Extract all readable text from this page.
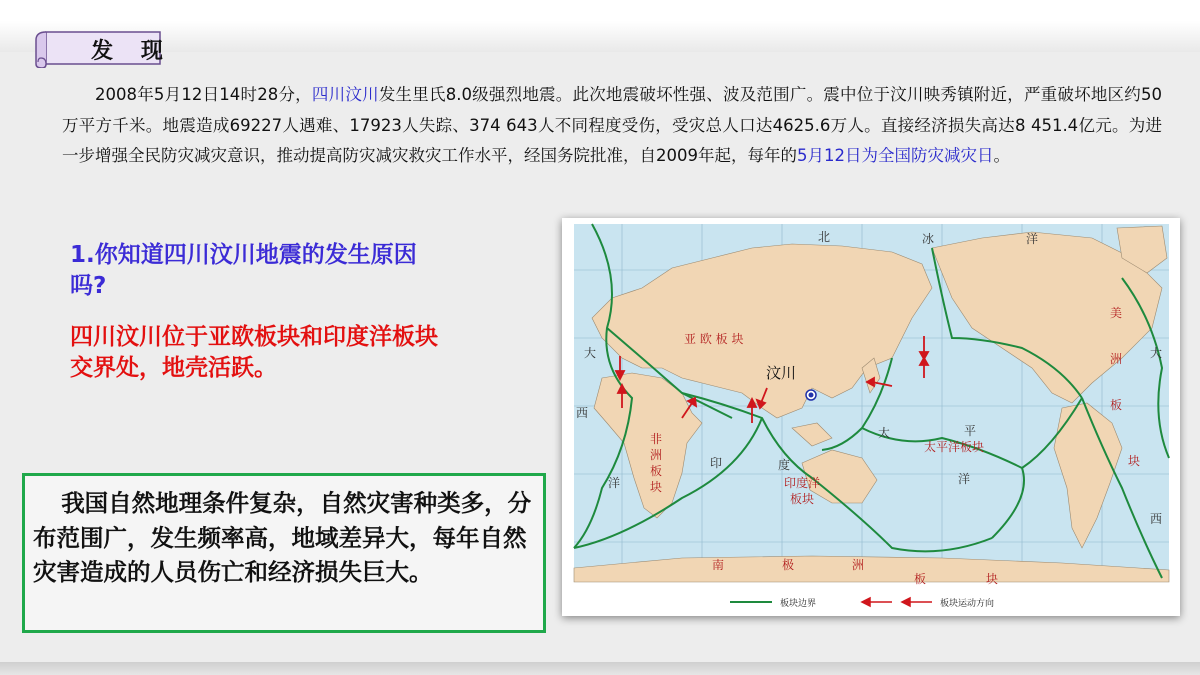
发 现
2008年5月12日14时28分，四川汶川发生里氏8.0级强烈地震。此次地震破坏性强、波及范围广。震中位于汶川映秀镇附近，严重破坏地区约50万平方千米。地震造成69227人遇难、17923人失踪、374 643人不同程度受伤，受灾总人口达4625.6万人。直接经济损失高达8 451.4亿元。为进一步增强全民防灾减灾意识，推动提高防灾减灾救灾工作水平，经国务院批准，自2009年起，每年的5月12日为全国防灾减灾日。
1.你知道四川汶川地震的发生原因吗?
四川汶川位于亚欧板块和印度洋板块交界处，地壳活跃。
我国自然地理条件复杂，自然灾害种类多，分布范围广，发生频率高，地域差异大，每年自然灾害造成的人员伤亡和经济损失巨大。
亚 欧 板 块
非
洲
板
块	印度洋
板块
太平洋板块
美
洲
板
块
南	极	洲
板	块
北	冰	洋
大
西
洋
大
西
印	度
太	平
洋
汶川
板块边界	板块运动方向
